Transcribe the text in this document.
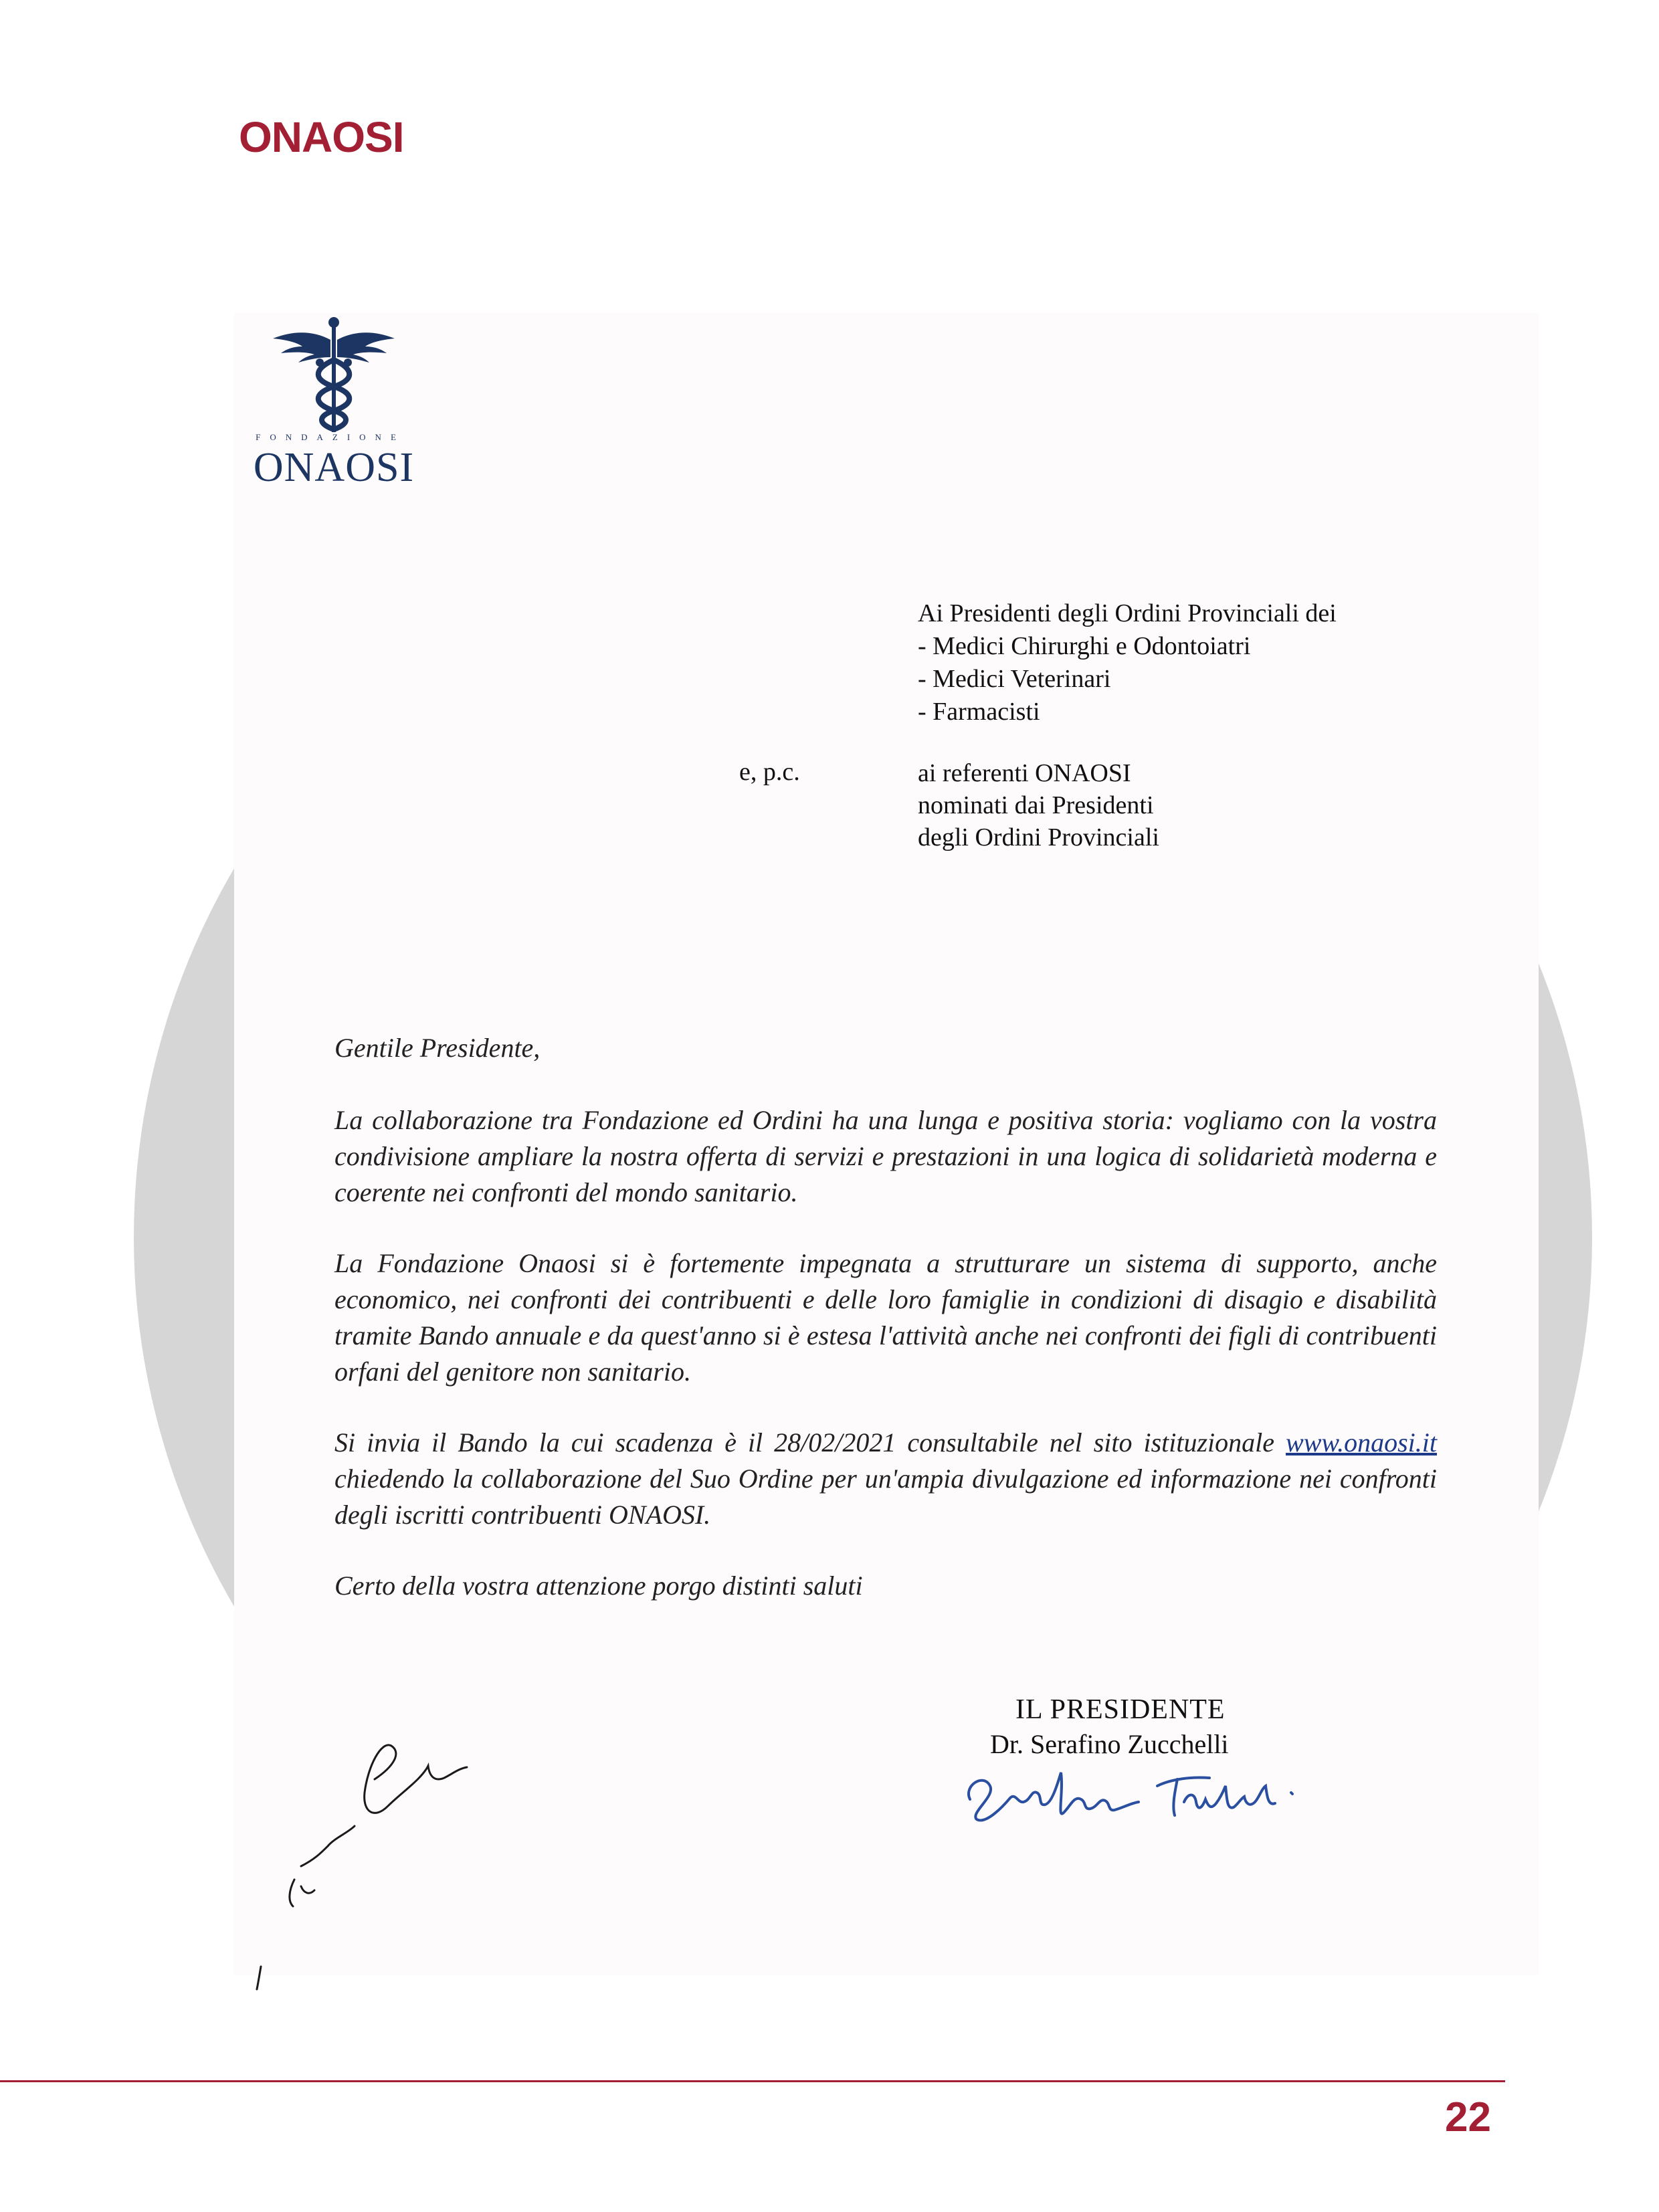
ONAOSI
FONDAZIONE
ONAOSI
Ai Presidenti degli Ordini Provinciali dei
- Medici Chirurghi e Odontoiatri
- Medici Veterinari
- Farmacisti
e, p.c.	ai referenti ONAOSI
nominati dai Presidenti
degli Ordini Provinciali

Gentile Presidente,

La collaborazione tra Fondazione ed Ordini ha una lunga e positiva storia: vogliamo con la vostra condivisione ampliare la nostra offerta di servizi e prestazioni in una logica di solidarietà moderna e coerente nei confronti del mondo sanitario.

La Fondazione Onaosi si è fortemente impegnata a strutturare un sistema di supporto, anche economico, nei confronti dei contribuenti e delle loro famiglie in condizioni di disagio e disabilità tramite Bando annuale e da quest'anno si è estesa l'attività anche nei confronti dei figli di contribuenti orfani del genitore non sanitario.

Si invia il Bando la cui scadenza è il 28/02/2021 consultabile nel sito istituzionale www.onaosi.it chiedendo la collaborazione del Suo Ordine per un'ampia divulgazione ed informazione nei confronti degli iscritti contribuenti ONAOSI.

Certo della vostra attenzione porgo distinti saluti

IL PRESIDENTE
Dr. Serafino Zucchelli
22
